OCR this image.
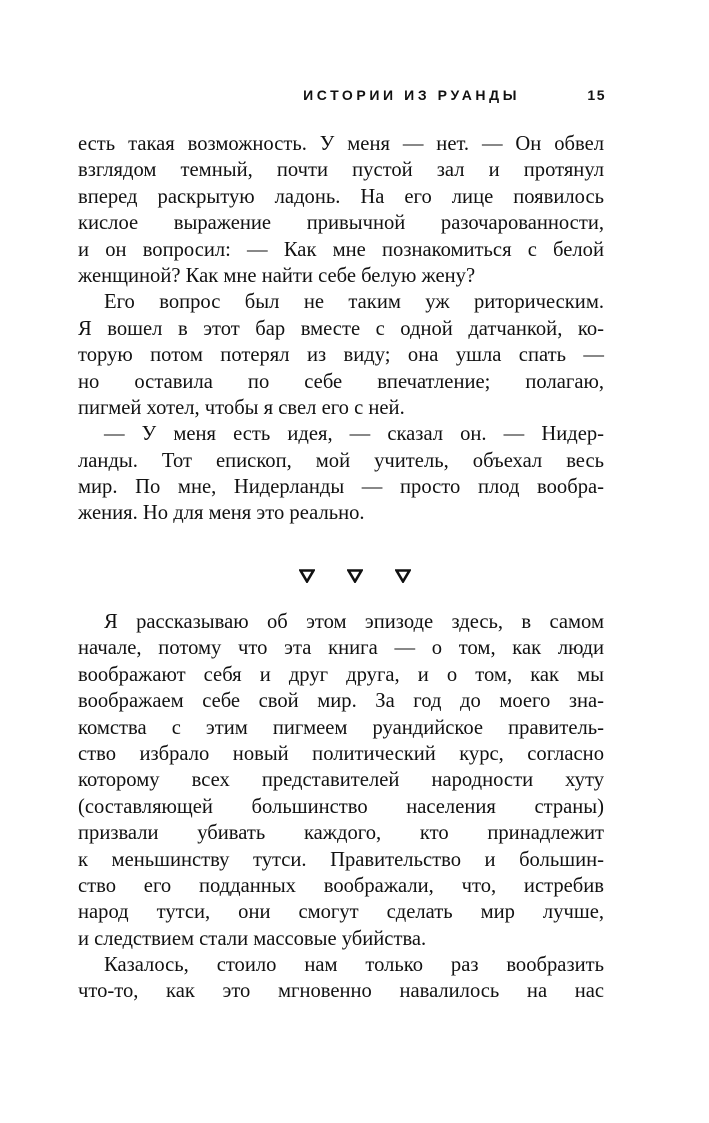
ИСТОРИИ ИЗ РУАНДЫ	15

есть такая возможность. У меня — нет. — Он обвел
взглядом темный, почти пустой зал и протянул
вперед раскрытую ладонь. На его лице появилось
кислое выражение привычной разочарованности,
и он вопросил: — Как мне познакомиться с белой
женщиной? Как мне найти себе белую жену?

Его вопрос был не таким уж риторическим.
Я вошел в этот бар вместе с одной датчанкой, ко-
торую потом потерял из виду; она ушла спать —
но оставила по себе впечатление; полагаю,
пигмей хотел, чтобы я свел его с ней.

— У меня есть идея, — сказал он. — Нидер-
ланды. Тот епископ, мой учитель, объехал весь
мир. По мне, Нидерланды — просто плод вообра-
жения. Но для меня это реально.

Я рассказываю об этом эпизоде здесь, в самом
начале, потому что эта книга — о том, как люди
воображают себя и друг друга, и о том, как мы
воображаем себе свой мир. За год до моего зна-
комства с этим пигмеем руандийское правитель-
ство избрало новый политический курс, согласно
которому всех представителей народности хуту
(составляющей большинство населения страны)
призвали убивать каждого, кто принадлежит
к меньшинству тутси. Правительство и большин-
ство его подданных воображали, что, истребив
народ тутси, они смогут сделать мир лучше,
и следствием стали массовые убийства.

Казалось, стоило нам только раз вообразить
что-то, как это мгновенно навалилось на нас
